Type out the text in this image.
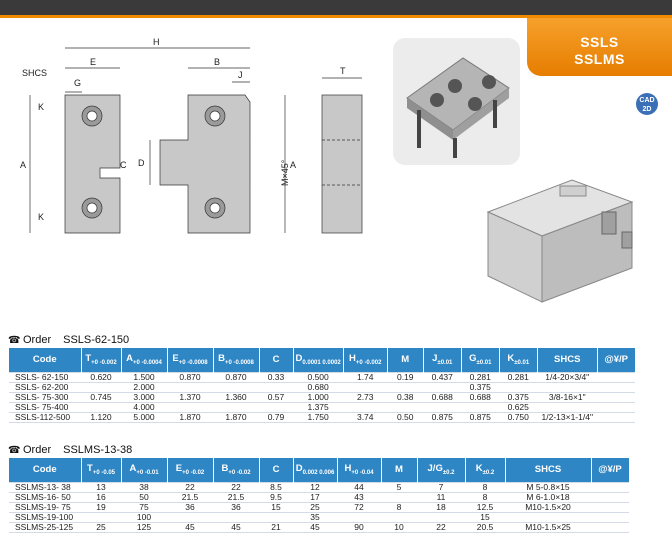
SSLS
SSLMS
CAD
2D
H
E	B
G
J	T
SHCS
A	A
K
K
C D	M×45°
☎ Order SSLS-62-150
Code	$T_{+0 -0.002}$	$A_{+0 -0.0004}$	$E_{+0 -0.0008}$	$B_{+0 -0.0008}$	C	$D_{0.0001 0.0002}$	$H_{+0 -0.002}$	M	$J_{\pm 0.01}$	$G_{\pm 0.01}$	$K_{\pm 0.01}$	SHCS	@¥/P
SSLS- 62-150	0.620	1.500	0.870	0.870	0.33	0.500	1.74	0.19	0.437	0.281	0.281	1/4-20×3/4"	
SSLS- 62-200		2.000				0.680				0.375			
SSLS- 75-300	0.745	3.000	1.370	1.360	0.57	1.000	2.73	0.38	0.688	0.688	0.375	3/8-16×1"	
SSLS- 75-400		4.000				1.375					0.625		
SSLS-112-500	1.120	5.000	1.870	1.870	0.79	1.750	3.74	0.50	0.875	0.875	0.750	1/2-13×1-1/4"	
☎ Order SSLMS-13-38
Code	$T_{+0 -0.05}$	$A_{+0 -0.01}$	$E_{+0 -0.02}$	$B_{+0 -0.02}$	C	$D_{0.002 0.006}$	$H_{+0 -0.04}$	M	$J/G_{\pm 0.2}$	$K_{\pm 0.2}$	SHCS	@¥/P
SSLMS-13- 38	13	38	22	22	8.5	12	44	5	7	8	M 5-0.8×15	
SSLMS-16- 50	16	50	21.5	21.5	9.5	17	43		11	8	M 6-1.0×18	
SSLMS-19- 75	19	75	36	36	15	25	72	8	18	12.5	M10-1.5×20	
SSLMS-19-100		100				35				15		
SSLMS-25-125	25	125	45	45	21	45	90	10	22	20.5	M10-1.5×25	
